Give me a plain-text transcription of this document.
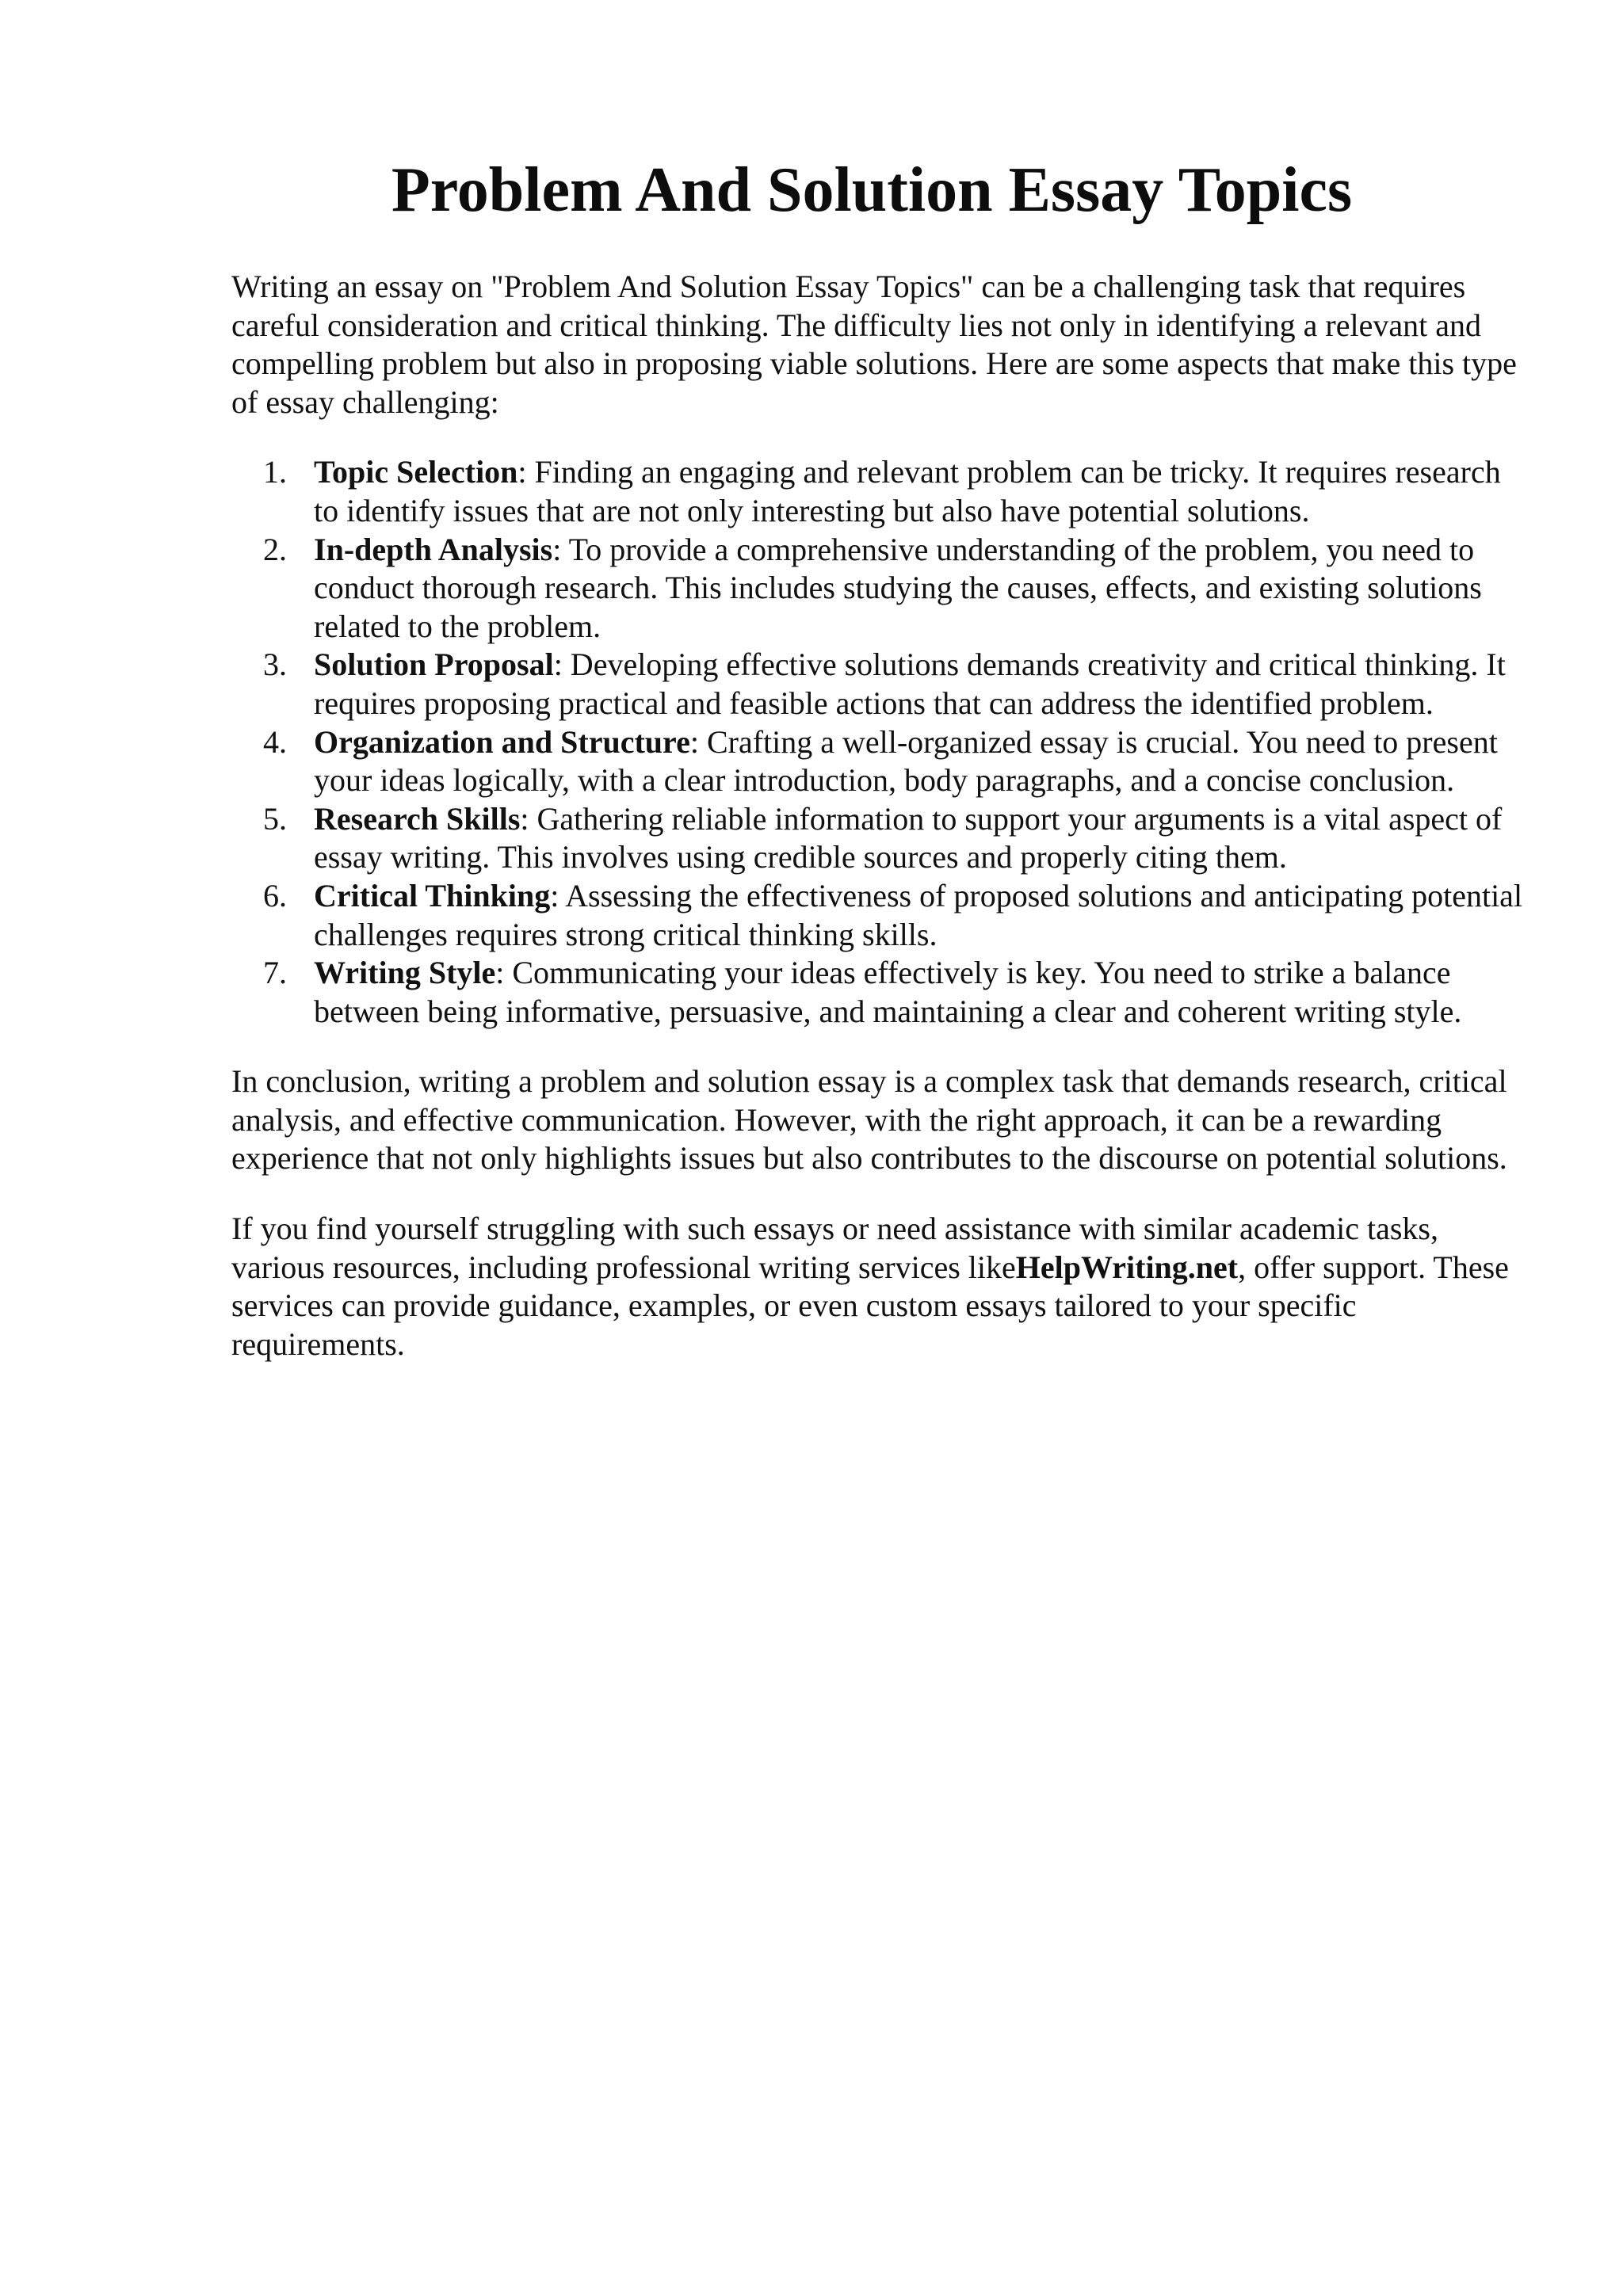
Problem And Solution Essay Topics

Writing an essay on "Problem And Solution Essay Topics" can be a challenging task that requires careful consideration and critical thinking. The difficulty lies not only in identifying a relevant and compelling problem but also in proposing viable solutions. Here are some aspects that make this type of essay challenging:

1. Topic Selection: Finding an engaging and relevant problem can be tricky. It requires research to identify issues that are not only interesting but also have potential solutions.
2. In-depth Analysis: To provide a comprehensive understanding of the problem, you need to conduct thorough research. This includes studying the causes, effects, and existing solutions related to the problem.
3. Solution Proposal: Developing effective solutions demands creativity and critical thinking. It requires proposing practical and feasible actions that can address the identified problem.
4. Organization and Structure: Crafting a well-organized essay is crucial. You need to present your ideas logically, with a clear introduction, body paragraphs, and a concise conclusion.
5. Research Skills: Gathering reliable information to support your arguments is a vital aspect of essay writing. This involves using credible sources and properly citing them.
6. Critical Thinking: Assessing the effectiveness of proposed solutions and anticipating potential challenges requires strong critical thinking skills.
7. Writing Style: Communicating your ideas effectively is key. You need to strike a balance between being informative, persuasive, and maintaining a clear and coherent writing style.

In conclusion, writing a problem and solution essay is a complex task that demands research, critical analysis, and effective communication. However, with the right approach, it can be a rewarding experience that not only highlights issues but also contributes to the discourse on potential solutions.

If you find yourself struggling with such essays or need assistance with similar academic tasks, various resources, including professional writing services likeHelpWriting.net, offer support. These services can provide guidance, examples, or even custom essays tailored to your specific requirements.
